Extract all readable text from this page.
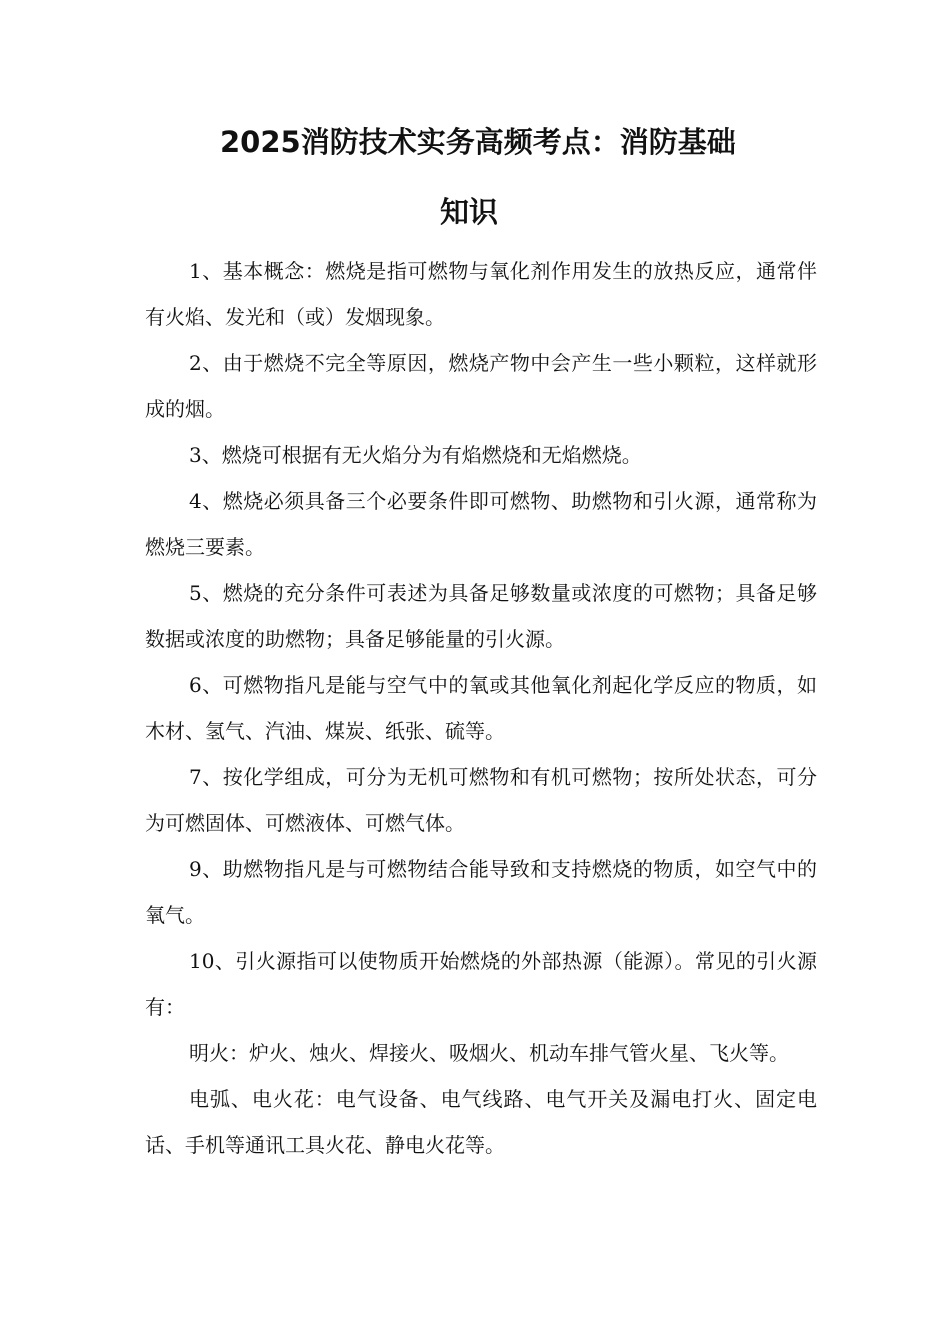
2025消防技术实务高频考点：消防基础
知识

1、基本概念：燃烧是指可燃物与氧化剂作用发生的放热反应，通常伴有火焰、发光和（或）发烟现象。

2、由于燃烧不完全等原因，燃烧产物中会产生一些小颗粒，这样就形成的烟。

3、燃烧可根据有无火焰分为有焰燃烧和无焰燃烧。

4、燃烧必须具备三个必要条件即可燃物、助燃物和引火源，通常称为燃烧三要素。

5、燃烧的充分条件可表述为具备足够数量或浓度的可燃物；具备足够数据或浓度的助燃物；具备足够能量的引火源。

6、可燃物指凡是能与空气中的氧或其他氧化剂起化学反应的物质，如木材、氢气、汽油、煤炭、纸张、硫等。

7、按化学组成，可分为无机可燃物和有机可燃物；按所处状态，可分为可燃固体、可燃液体、可燃气体。

9、助燃物指凡是与可燃物结合能导致和支持燃烧的物质，如空气中的氧气。

10、引火源指可以使物质开始燃烧的外部热源（能源）。常见的引火源有：

明火：炉火、烛火、焊接火、吸烟火、机动车排气管火星、飞火等。

电弧、电火花：电气设备、电气线路、电气开关及漏电打火、固定电话、手机等通讯工具火花、静电火花等。
